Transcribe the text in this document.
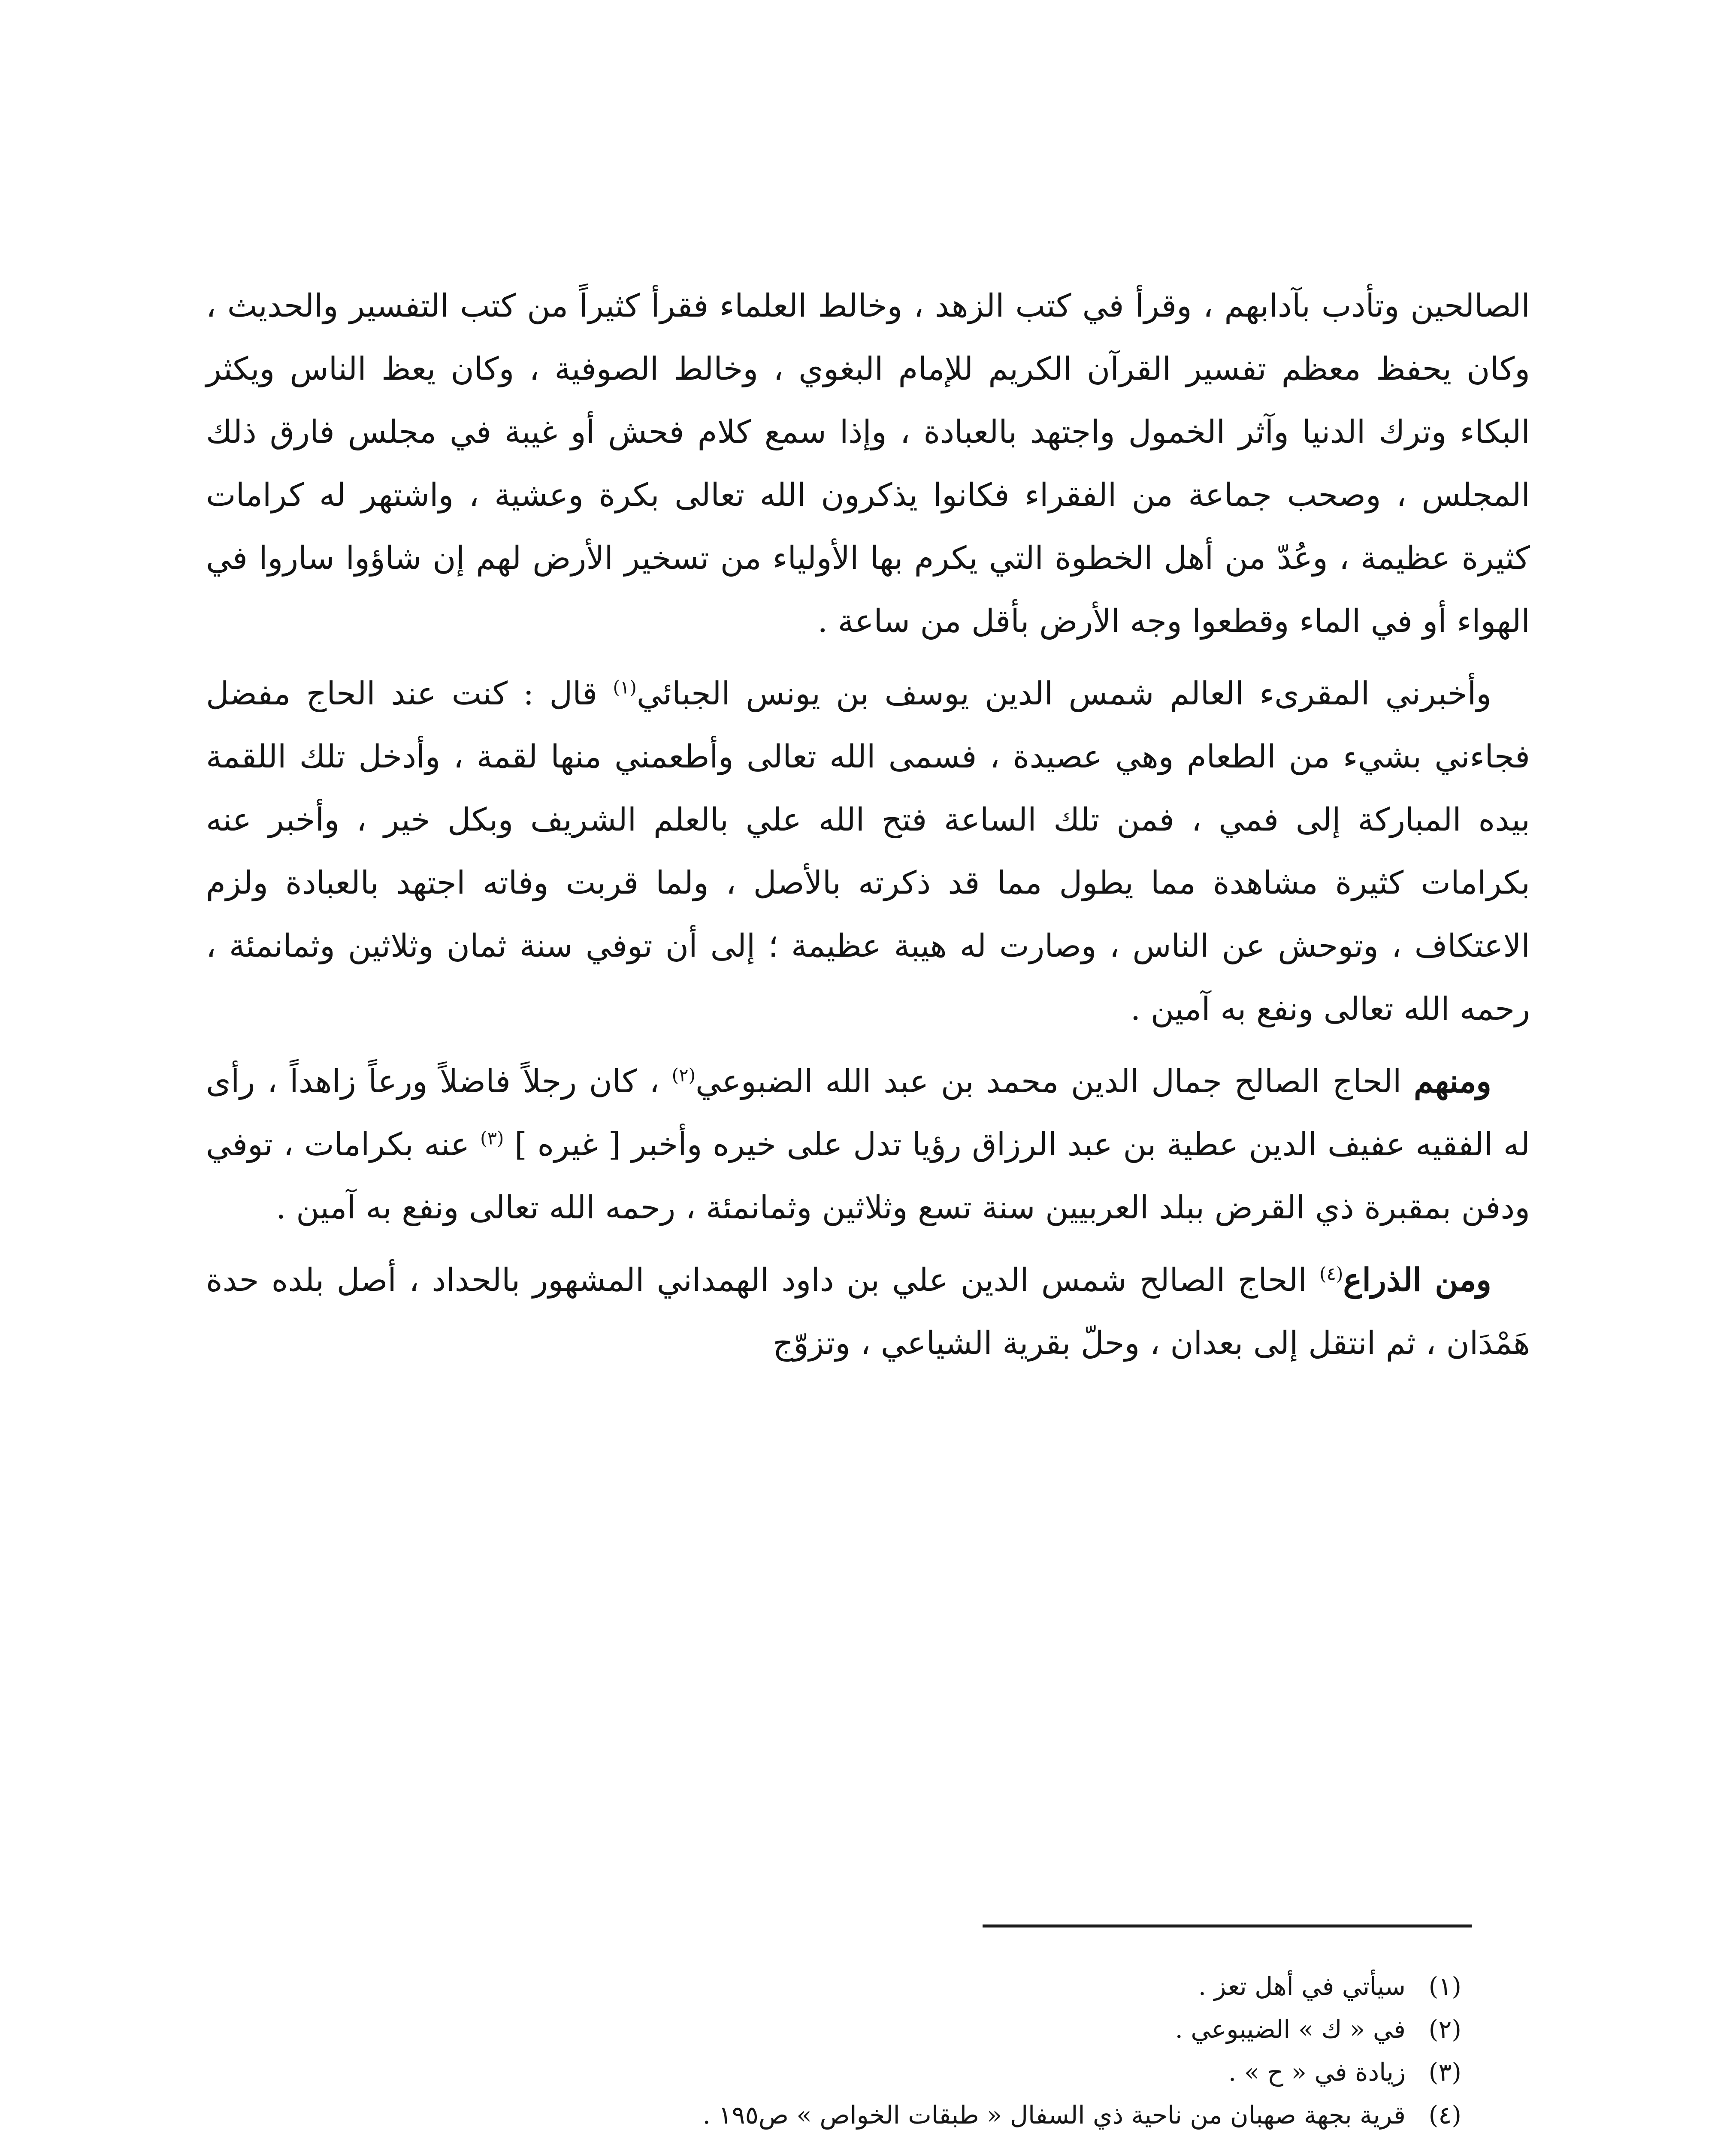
الصالحين وتأدب بآدابهم ، وقرأ في كتب الزهد ، وخالط العلماء فقرأ كثيراً من كتب التفسير والحديث ، وكان يحفظ معظم تفسير القرآن الكريم للإمام البغوي ، وخالط الصوفية ، وكان يعظ الناس ويكثر البكاء وترك الدنيا وآثر الخمول واجتهد بالعبادة ، وإذا سمع كلام فحش أو غيبة في مجلس فارق ذلك المجلس ، وصحب جماعة من الفقراء فكانوا يذكرون الله تعالى بكرة وعشية ، واشتهر له كرامات كثيرة عظيمة ، وعُدّ من أهل الخطوة التي يكرم بها الأولياء من تسخير الأرض لهم إن شاؤوا ساروا في الهواء أو في الماء وقطعوا وجه الأرض بأقل من ساعة .

وأخبرني المقرىء العالم شمس الدين يوسف بن يونس الجبائي$^{(١)}$ قال : كنت عند الحاج مفضل فجاءني بشيء من الطعام وهي عصيدة ، فسمى الله تعالى وأطعمني منها لقمة ، وأدخل تلك اللقمة بيده المباركة إلى فمي ، فمن تلك الساعة فتح الله علي بالعلم الشريف وبكل خير ، وأخبر عنه بكرامات كثيرة مشاهدة مما يطول مما قد ذكرته بالأصل ، ولما قربت وفاته اجتهد بالعبادة ولزم الاعتكاف ، وتوحش عن الناس ، وصارت له هيبة عظيمة ؛ إلى أن توفي سنة ثمان وثلاثين وثمانمئة ، رحمه الله تعالى ونفع به آمين .

ومنهم الحاج الصالح جمال الدين محمد بن عبد الله الضبوعي$^{(٢)}$ ، كان رجلاً فاضلاً ورعاً زاهداً ، رأى له الفقيه عفيف الدين عطية بن عبد الرزاق رؤيا تدل على خيره وأخبر [ غيره ] $^{(٣)}$ عنه بكرامات ، توفي ودفن بمقبرة ذي القرض ببلد العربيين سنة تسع وثلاثين وثمانمئة ، رحمه الله تعالى ونفع به آمين .

ومن الذراع$^{(٤)}$ الحاج الصالح شمس الدين علي بن داود الهمداني المشهور بالحداد ، أصل بلده حدة هَمْدَان ، ثم انتقل إلى بعدان ، وحلّ بقرية الشياعي ، وتزوّج

(١)
سيأتي في أهل تعز .
(٢)
في « ك » الضيبوعي .
(٣)
زيادة في « ح » .
(٤)
قرية بجهة صهبان من ناحية ذي السفال « طبقات الخواص » ص١٩٥ .
